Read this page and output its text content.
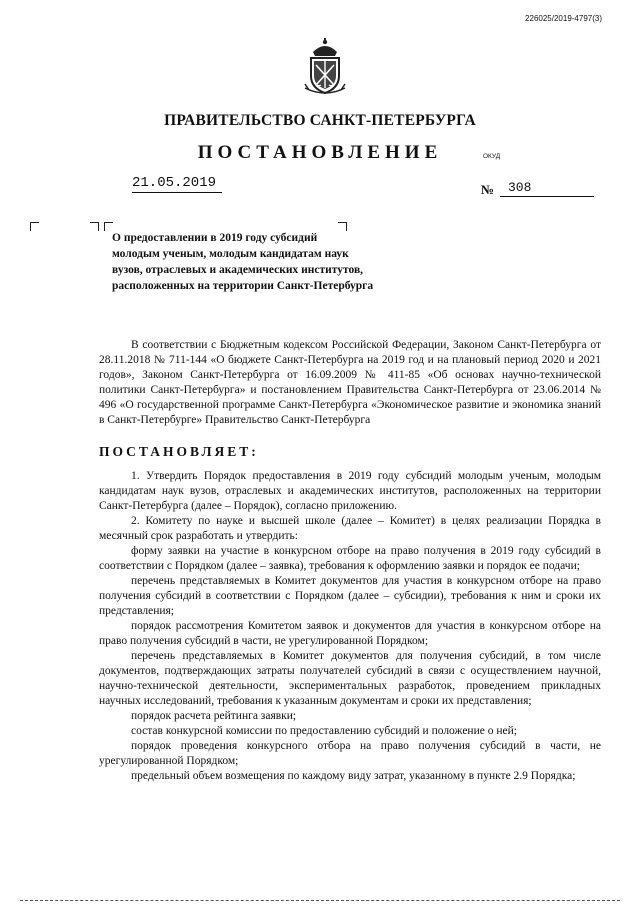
226025/2019-4797(3)
ПРАВИТЕЛЬСТВО САНКТ-ПЕТЕРБУРГА
ПОСТАНОВЛЕНИЕ	ОКУД
21.05.2019	№	308
О предоставлении в 2019 году субсидий
молодым ученым, молодым кандидатам наук
вузов, отраслевых и академических институтов,
расположенных на территории Санкт-Петербурга

В соответствии с Бюджетным кодексом Российской Федерации, Законом Санкт-Петербурга от 28.11.2018 № 711-144 «О бюджете Санкт-Петербурга на 2019 год и на плановый период 2020 и 2021 годов», Законом Санкт-Петербурга от 16.09.2009 № 411-85 «Об основах научно-технической политики Санкт-Петербурга» и постановлением Правительства Санкт-Петербурга от 23.06.2014 № 496 «О государственной программе Санкт-Петербурга «Экономическое развитие и экономика знаний в Санкт-Петербурге» Правительство Санкт-Петербурга

ПОСТАНОВЛЯЕТ:

1. Утвердить Порядок предоставления в 2019 году субсидий молодым ученым, молодым кандидатам наук вузов, отраслевых и академических институтов, расположенных на территории Санкт-Петербурга (далее – Порядок), согласно приложению.

2. Комитету по науке и высшей школе (далее – Комитет) в целях реализации Порядка в месячный срок разработать и утвердить:

форму заявки на участие в конкурсном отборе на право получения в 2019 году субсидий в соответствии с Порядком (далее – заявка), требования к оформлению заявки и порядок ее подачи;

перечень представляемых в Комитет документов для участия в конкурсном отборе на право получения субсидий в соответствии с Порядком (далее – субсидии), требования к ним и сроки их представления;

порядок рассмотрения Комитетом заявок и документов для участия в конкурсном отборе на право получения субсидий в части, не урегулированной Порядком;

перечень представляемых в Комитет документов для получения субсидий, в том числе документов, подтверждающих затраты получателей субсидий в связи с осуществлением научной, научно-технической деятельности, экспериментальных разработок, проведением прикладных научных исследований, требования к указанным документам и сроки их представления;

порядок расчета рейтинга заявки;

состав конкурсной комиссии по предоставлению субсидий и положение о ней;

порядок проведения конкурсного отбора на право получения субсидий в части, не урегулированной Порядком;

предельный объем возмещения по каждому виду затрат, указанному в пункте 2.9 Порядка;
